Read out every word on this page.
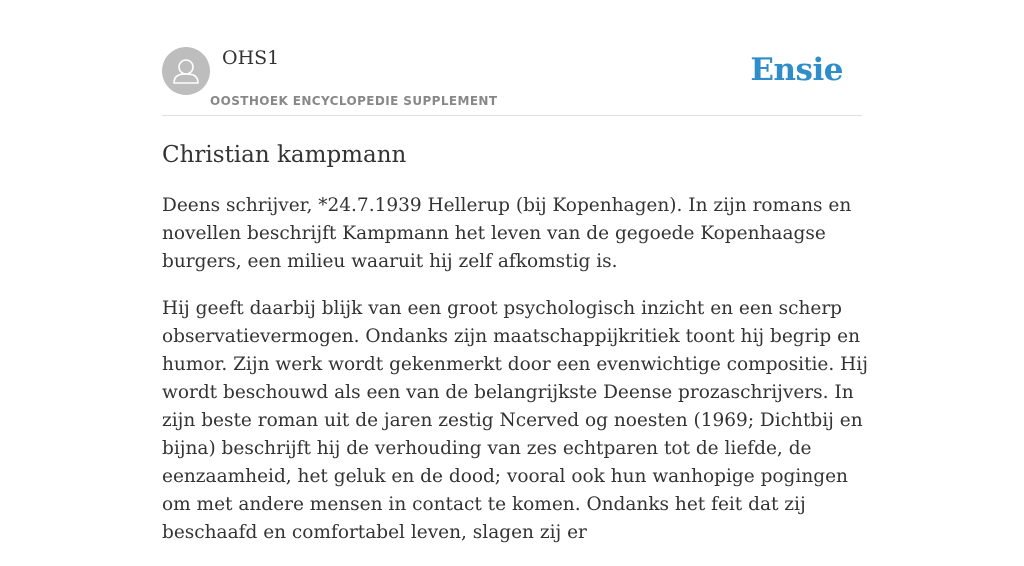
OHS1
OOSTHOEK ENCYCLOPEDIE SUPPLEMENT
Ensie
Christian kampmann

Deens schrijver, *24.7.1939 Hellerup (bij Kopenhagen). In zijn romans en novellen beschrijft Kampmann het leven van de gegoede Kopenhaagse burgers, een milieu waaruit hij zelf afkomstig is.

Hij geeft daarbij blijk van een groot psychologisch inzicht en een scherp observatievermogen. Ondanks zijn maatschappijkritiek toont hij begrip en humor. Zijn werk wordt gekenmerkt door een evenwichtige compositie. Hij wordt beschouwd als een van de belangrijkste Deense prozaschrijvers. In zijn beste roman uit de jaren zestig Ncerved og noesten (1969; Dichtbij en bijna) beschrijft hij de verhouding van zes echtparen tot de liefde, de eenzaamheid, het geluk en de dood; vooral ook hun wanhopige pogingen om met andere mensen in contact te komen. Ondanks het feit dat zij beschaafd en comfortabel leven, slagen zij er
